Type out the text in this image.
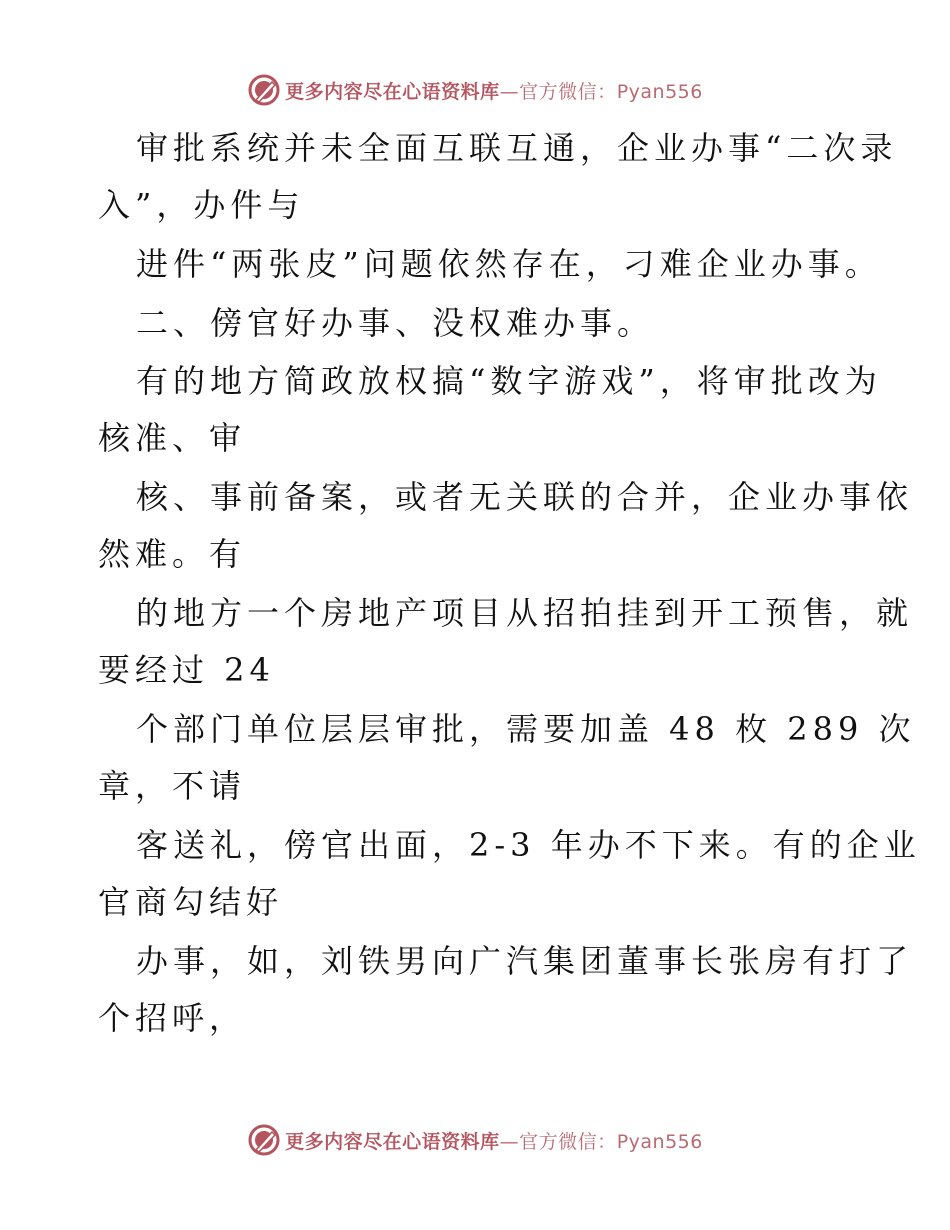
更多内容尽在心语资料库—官方微信：Pyan556
审批系统并未全面互联互通，企业办事“二次录
入”，办件与
进件“两张皮”问题依然存在，刁难企业办事。
二、傍官好办事、没权难办事。
有的地方简政放权搞“数字游戏”，将审批改为
核准、审
核、事前备案，或者无关联的合并，企业办事依
然难。有
的地方一个房地产项目从招拍挂到开工预售，就
要经过 24
个部门单位层层审批，需要加盖 48 枚 289 次
章，不请
客送礼，傍官出面，2-3 年办不下来。有的企业
官商勾结好
办事，如，刘铁男向广汽集团董事长张房有打了
个招呼，
更多内容尽在心语资料库—官方微信：Pyan556
